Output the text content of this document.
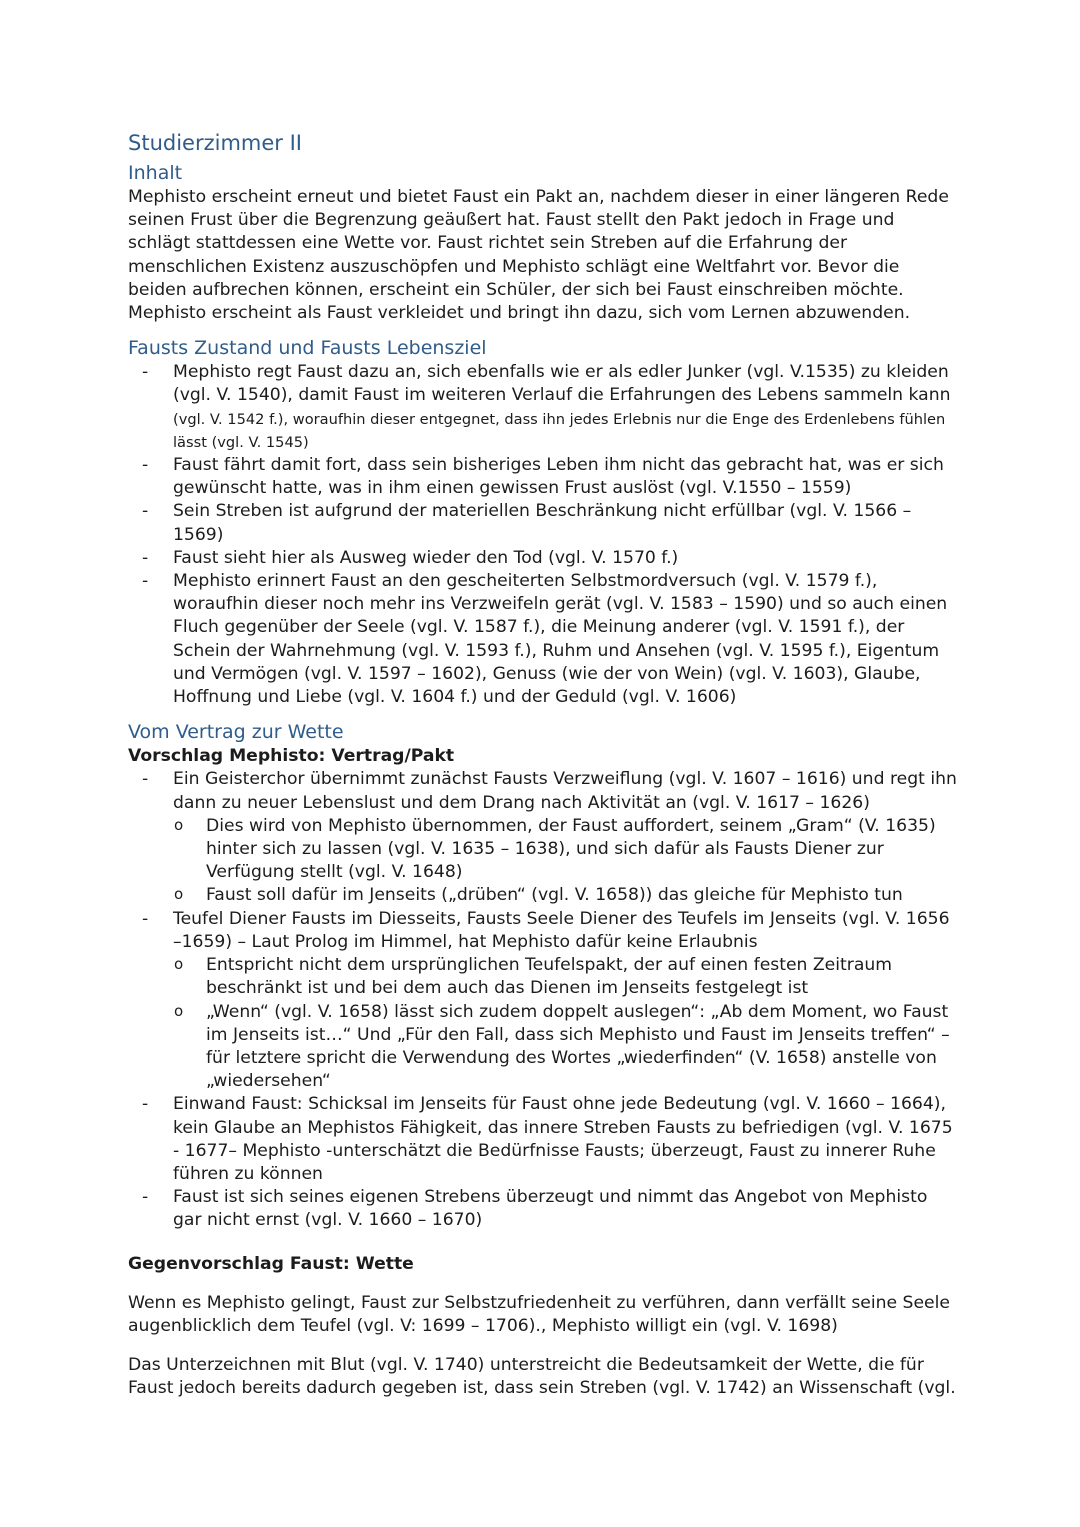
Studierzimmer II
Inhalt

Mephisto erscheint erneut und bietet Faust ein Pakt an, nachdem dieser in einer längeren Rede seinen Frust über die Begrenzung geäußert hat. Faust stellt den Pakt jedoch in Frage und schlägt stattdessen eine Wette vor. Faust richtet sein Streben auf die Erfahrung der menschlichen Existenz auszuschöpfen und Mephisto schlägt eine Weltfahrt vor. Bevor die beiden aufbrechen können, erscheint ein Schüler, der sich bei Faust einschreiben möchte. Mephisto erscheint als Faust verkleidet und bringt ihn dazu, sich vom Lernen abzuwenden.

Fausts Zustand und Fausts Lebensziel
- Mephisto regt Faust dazu an, sich ebenfalls wie er als edler Junker (vgl. V.1535) zu kleiden (vgl. V. 1540), damit Faust im weiteren Verlauf die Erfahrungen des Lebens sammeln kann (vgl. V. 1542 f.), woraufhin dieser entgegnet, dass ihn jedes Erlebnis nur die Enge des Erdenlebens fühlen lässt (vgl. V. 1545)
- Faust fährt damit fort, dass sein bisheriges Leben ihm nicht das gebracht hat, was er sich gewünscht hatte, was in ihm einen gewissen Frust auslöst (vgl. V.1550 – 1559)
- Sein Streben ist aufgrund der materiellen Beschränkung nicht erfüllbar (vgl. V. 1566 – 1569)
- Faust sieht hier als Ausweg wieder den Tod (vgl. V. 1570 f.)
- Mephisto erinnert Faust an den gescheiterten Selbstmordversuch (vgl. V. 1579 f.), woraufhin dieser noch mehr ins Verzweifeln gerät (vgl. V. 1583 – 1590) und so auch einen Fluch gegenüber der Seele (vgl. V. 1587 f.), die Meinung anderer (vgl. V. 1591 f.), der Schein der Wahrnehmung (vgl. V. 1593 f.), Ruhm und Ansehen (vgl. V. 1595 f.), Eigentum und Vermögen (vgl. V. 1597 – 1602), Genuss (wie der von Wein) (vgl. V. 1603), Glaube, Hoffnung und Liebe (vgl. V. 1604 f.) und der Geduld (vgl. V. 1606)
Vom Vertrag zur Wette

Vorschlag Mephisto: Vertrag/Pakt

- Ein Geisterchor übernimmt zunächst Fausts Verzweiflung (vgl. V. 1607 – 1616) und regt ihn dann zu neuer Lebenslust und dem Drang nach Aktivität an (vgl. V. 1617 – 1626)
o Dies wird von Mephisto übernommen, der Faust auffordert, seinem „Gram“ (V. 1635) hinter sich zu lassen (vgl. V. 1635 – 1638), und sich dafür als Fausts Diener zur Verfügung stellt (vgl. V. 1648)
o Faust soll dafür im Jenseits („drüben“ (vgl. V. 1658)) das gleiche für Mephisto tun
- Teufel Diener Fausts im Diesseits, Fausts Seele Diener des Teufels im Jenseits (vgl. V. 1656 –1659) – Laut Prolog im Himmel, hat Mephisto dafür keine Erlaubnis
o Entspricht nicht dem ursprünglichen Teufelspakt, der auf einen festen Zeitraum beschränkt ist und bei dem auch das Dienen im Jenseits festgelegt ist
o „Wenn“ (vgl. V. 1658) lässt sich zudem doppelt auslegen“: „Ab dem Moment, wo Faust im Jenseits ist…“ Und „Für den Fall, dass sich Mephisto und Faust im Jenseits treffen“ – für letztere spricht die Verwendung des Wortes „wiederfinden“ (V. 1658) anstelle von „wiedersehen“
- Einwand Faust: Schicksal im Jenseits für Faust ohne jede Bedeutung (vgl. V. 1660 – 1664), kein Glaube an Mephistos Fähigkeit, das innere Streben Fausts zu befriedigen (vgl. V. 1675 - 1677– Mephisto -unterschätzt die Bedürfnisse Fausts; überzeugt, Faust zu innerer Ruhe führen zu können
- Faust ist sich seines eigenen Strebens überzeugt und nimmt das Angebot von Mephisto gar nicht ernst (vgl. V. 1660 – 1670)

Gegenvorschlag Faust: Wette

Wenn es Mephisto gelingt, Faust zur Selbstzufriedenheit zu verführen, dann verfällt seine Seele augenblicklich dem Teufel (vgl. V: 1699 – 1706)., Mephisto willigt ein (vgl. V. 1698)

Das Unterzeichnen mit Blut (vgl. V. 1740) unterstreicht die Bedeutsamkeit der Wette, die für Faust jedoch bereits dadurch gegeben ist, dass sein Streben (vgl. V. 1742) an Wissenschaft (vgl.
